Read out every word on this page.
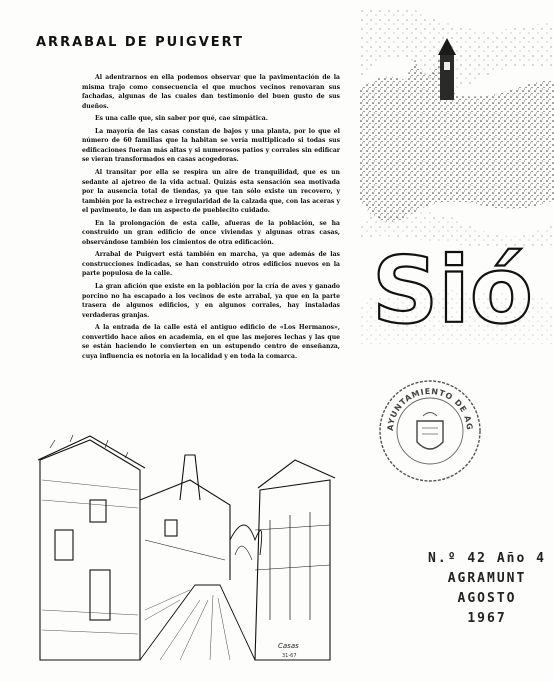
ARRABAL DE PUIGVERT

Al adentrarnos en ella podemos observar que la pavimentación de la misma trajo como consecuencia el que muchos vecinos renovaran sus fachadas, algunas de las cuales dan testimonio del buen gusto de sus dueños.

Es una calle que, sin saber por qué, cae simpática.

La mayoría de las casas constan de bajos y una planta, por lo que el número de 60 familias que la habitan se vería multiplicado si todas sus edificaciones fueran más altas y si numerosos patios y corrales sin edificar se vieran transformados en casas acogedoras.

Al transitar por ella se respira un aire de tranquilidad, que es un sedante al ajetreo de la vida actual. Quizás esta sensación sea motivada por la ausencia total de tiendas, ya que tan sólo existe un recovero, y también por la estrechez e irregularidad de la calzada que, con las aceras y el pavimento, le dan un aspecto de pueblecito cuidado.

En la prolongación de esta calle, afueras de la población, se ha construido un gran edificio de once viviendas y algunas otras casas, observándose también los cimientos de otra edificación.

Arrabal de Puigvert está también en marcha, ya que además de las construcciones indicadas, se han construido otros edificios nuevos en la parte populosa de la calle.

La gran afición que existe en la población por la cría de aves y ganado porcino no ha escapado a los vecinos de este arrabal, ya que en la parte trasera de algunos edificios, y en algunos corrales, hay instaladas verdaderas granjas.

A la entrada de la calle está el antiguo edificio de «Los Hermanos», convertido hace años en academia, en el que las mejores lechas y las que se están haciendo le convierten en un estupendo centro de enseñanza, cuya influencia es notoria en la localidad y en toda la comarca.

Sió
AYUNTAMIENTO DE AG
Casas
31-67
N.º 42 Año 4
AGRAMUNT
AGOSTO
1967
